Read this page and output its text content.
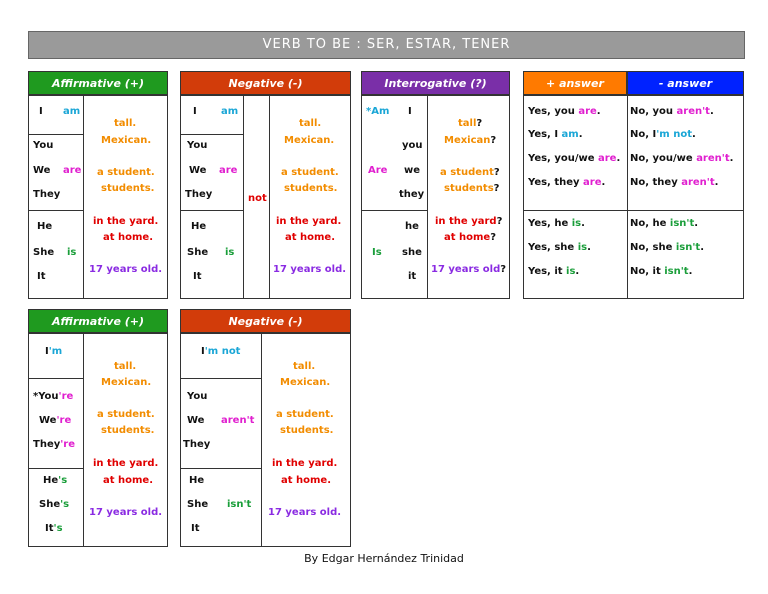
VERB TO BE : SER, ESTAR, TENER
Affirmative (+)
I am
You
We are
They
He
She is
It
tall.
Mexican.
a student.
students.
in the yard.
at home.
17 years old.
Negative (-)
I am
You
We are
They
He
She is
It
not
tall.
Mexican.
a student.
students.
in the yard.
at home.
17 years old.
Interrogative (?)
*Am I
you
Are we
they
he
Is she
it
tall?
Mexican?
a student?
students?
in the yard?
at home?
17 years old?
+ answer	- answer
Yes, you are.
Yes, I am.
Yes, you/we are.
Yes, they are.
Yes, he is.
Yes, she is.
Yes, it is.
No, you aren't.
No, I'm not.
No, you/we aren't.
No, they aren't.
No, he isn't.
No, she isn't.
No, it isn't.
Affirmative (+)
I'm
*You're
We're
They're
He's
She's
It's
tall.
Mexican.
a student.
students.
in the yard.
at home.
17 years old.
Negative (-)
I'm not
You
We aren't
They
He
She isn't
It
tall.
Mexican.
a student.
students.
in the yard.
at home.
17 years old.
By Edgar Hernández Trinidad
